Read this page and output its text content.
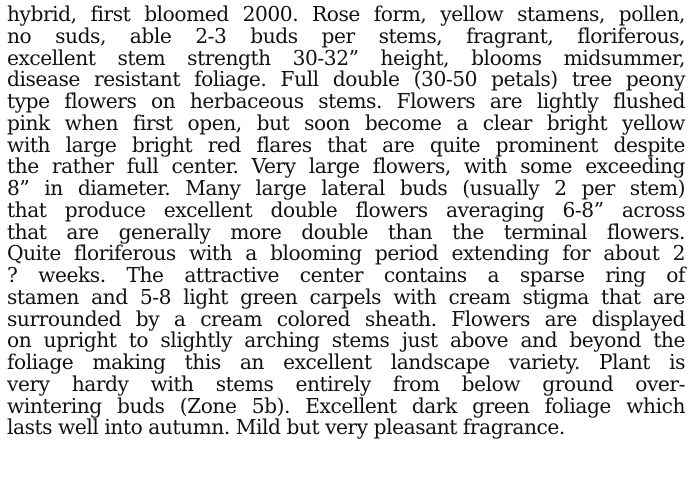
hybrid, first bloomed 2000. Rose form, yellow stamens, pollen,
no suds, able 2-3 buds per stems, fragrant, floriferous,
excellent stem strength 30-32” height, blooms midsummer,
disease resistant foliage. Full double (30-50 petals) tree peony
type flowers on herbaceous stems. Flowers are lightly flushed
pink when first open, but soon become a clear bright yellow
with large bright red flares that are quite prominent despite
the rather full center. Very large flowers, with some exceeding
8” in diameter. Many large lateral buds (usually 2 per stem)
that produce excellent double flowers averaging 6-8” across
that are generally more double than the terminal flowers.
Quite floriferous with a blooming period extending for about 2
? weeks. The attractive center contains a sparse ring of
stamen and 5-8 light green carpels with cream stigma that are
surrounded by a cream colored sheath. Flowers are displayed
on upright to slightly arching stems just above and beyond the
foliage making this an excellent landscape variety. Plant is
very hardy with stems entirely from below ground over-
wintering buds (Zone 5b). Excellent dark green foliage which
lasts well into autumn. Mild but very pleasant fragrance.
